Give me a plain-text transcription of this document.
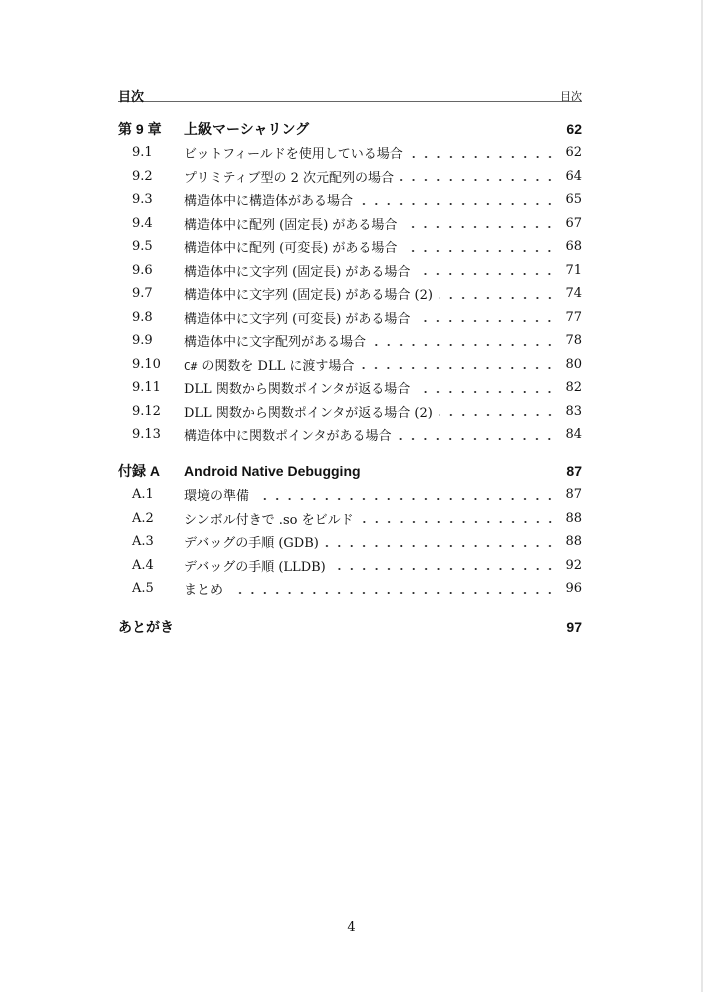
目次	目次
第 9 章	上級マーシャリング	62
9.1	ビットフィールドを使用している場合	62
9.2	プリミティブ型の 2 次元配列の場合	64
9.3	構造体中に構造体がある場合	65
9.4	構造体中に配列 (固定長) がある場合	67
9.5	構造体中に配列 (可変長) がある場合	68
9.6	構造体中に文字列 (固定長) がある場合	71
9.7	構造体中に文字列 (固定長) がある場合 (2)	74
9.8	構造体中に文字列 (可変長) がある場合	77
9.9	構造体中に文字配列がある場合	78
9.10	C# の関数を DLL に渡す場合	80
9.11	DLL 関数から関数ポインタが返る場合	82
9.12	DLL 関数から関数ポインタが返る場合 (2)	83
9.13	構造体中に関数ポインタがある場合	84
付録 A	Android Native Debugging	87
A.1	環境の準備	87
A.2	シンボル付きで .so をビルド	88
A.3	デバッグの手順 (GDB)	88
A.4	デバッグの手順 (LLDB)	92
A.5	まとめ	96
あとがき	97
4
